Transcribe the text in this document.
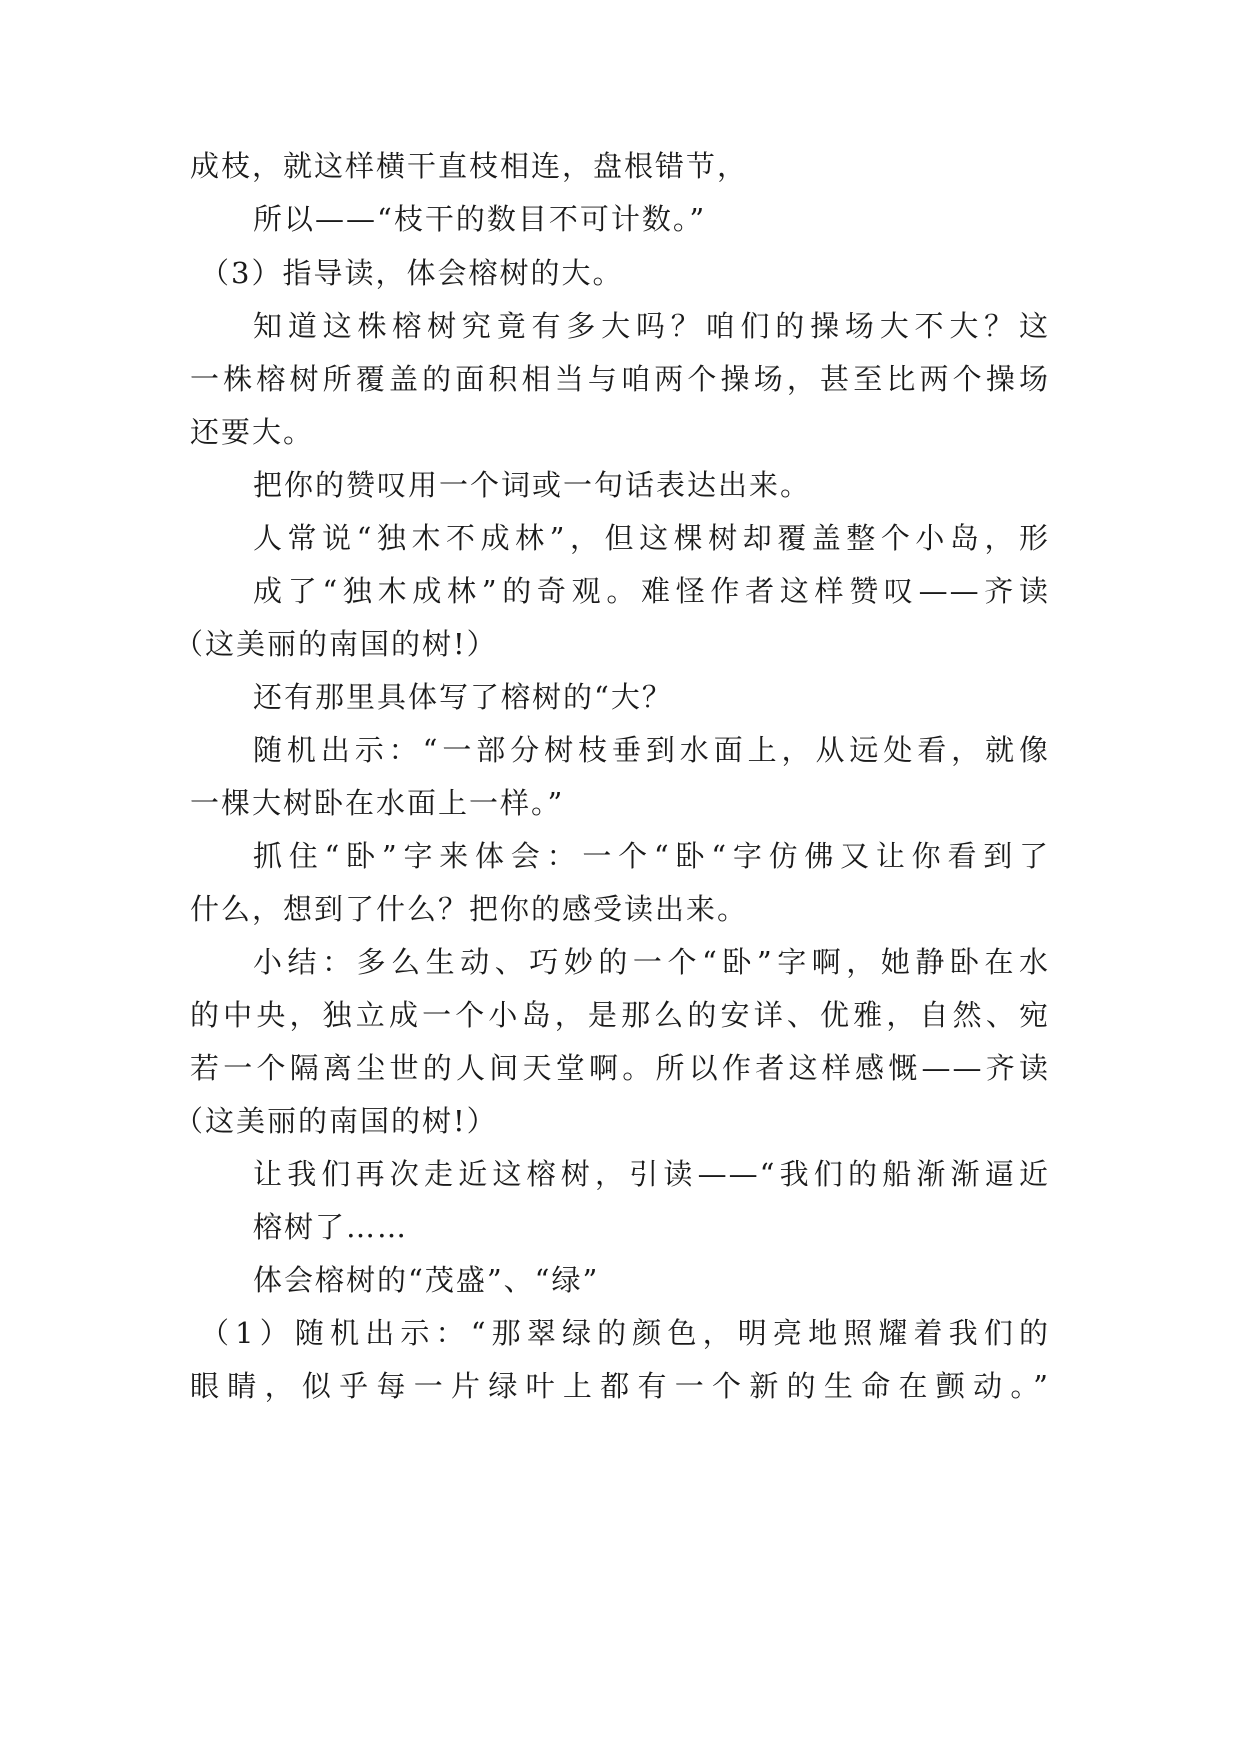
成枝，就这样横干直枝相连，盘根错节，
所以——“枝干的数目不可计数。”
（3）指导读，体会榕树的大。
知道这株榕树究竟有多大吗？咱们的操场大不大？这
一株榕树所覆盖的面积相当与咱两个操场，甚至比两个操场
还要大。
把你的赞叹用一个词或一句话表达出来。
人常说“独木不成林”，但这棵树却覆盖整个小岛，形
成了“独木成林”的奇观。难怪作者这样赞叹——齐读
（这美丽的南国的树!）
还有那里具体写了榕树的“大？
随机出示：“一部分树枝垂到水面上，从远处看，就像
一棵大树卧在水面上一样。”
抓住“卧”字来体会：一个“卧“字仿佛又让你看到了
什么，想到了什么？把你的感受读出来。
小结：多么生动、巧妙的一个“卧”字啊，她静卧在水
的中央，独立成一个小岛，是那么的安详、优雅，自然、宛
若一个隔离尘世的人间天堂啊。所以作者这样感慨——齐读
（这美丽的南国的树!）
让我们再次走近这榕树，引读——“我们的船渐渐逼近
榕树了……
体会榕树的“茂盛”、“绿”
（1）随机出示：“那翠绿的颜色，明亮地照耀着我们的
眼睛，似乎每一片绿叶上都有一个新的生命在颤动。”
